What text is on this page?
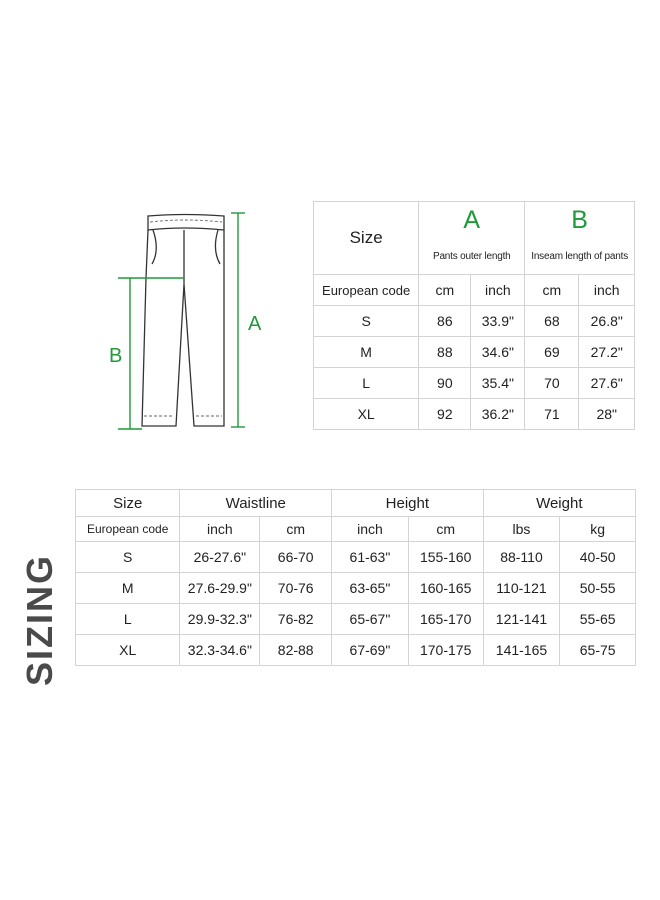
A
B
Size	A		B	
	Pants outer length		Inseam length of pants	
European code	cm	inch	cm	inch
S	86	33.9"	68	26.8"
M	88	34.6"	69	27.2"
L	90	35.4"	70	27.6"
XL	92	36.2"	71	28"
SIZING
Size	Waistline		Height		Weight	
European code	inch	cm	inch	cm	lbs	kg
S	26-27.6"	66-70	61-63"	155-160	88-110	40-50
M	27.6-29.9"	70-76	63-65"	160-165	110-121	50-55
L	29.9-32.3"	76-82	65-67"	165-170	121-141	55-65
XL	32.3-34.6"	82-88	67-69"	170-175	141-165	65-75
